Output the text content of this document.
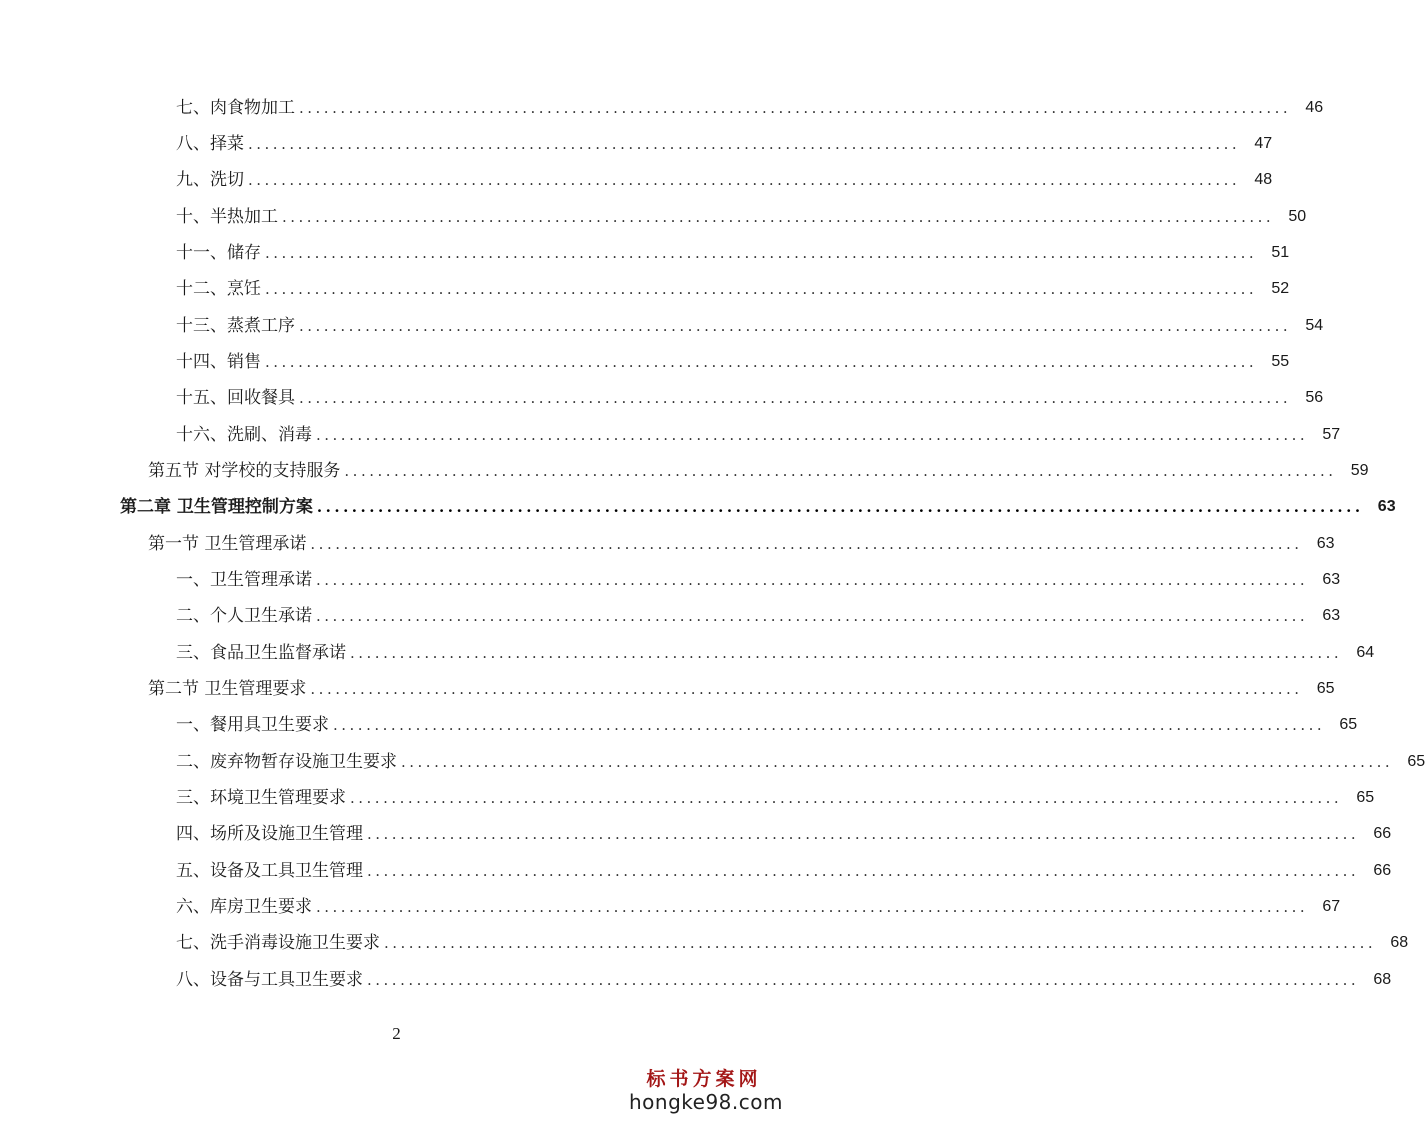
七、肉食物加工 ........................................................................................................................ 46
八、择菜 ........................................................................................................................ 47
九、洗切 ........................................................................................................................ 48
十、半热加工 ........................................................................................................................ 50
十一、储存 ........................................................................................................................ 51
十二、烹饪 ........................................................................................................................ 52
十三、蒸煮工序 ........................................................................................................................ 54
十四、销售 ........................................................................................................................ 55
十五、回收餐具 ........................................................................................................................ 56
十六、洗刷、消毒 ........................................................................................................................ 57
第五节 对学校的支持服务 ........................................................................................................................ 59
第二章 卫生管理控制方案 ........................................................................................................................ 63
第一节 卫生管理承诺 ........................................................................................................................ 63
一、卫生管理承诺 ........................................................................................................................ 63
二、个人卫生承诺 ........................................................................................................................ 63
三、食品卫生监督承诺 ........................................................................................................................ 64
第二节 卫生管理要求 ........................................................................................................................ 65
一、餐用具卫生要求 ........................................................................................................................ 65
二、废弃物暂存设施卫生要求 ........................................................................................................................ 65
三、环境卫生管理要求 ........................................................................................................................ 65
四、场所及设施卫生管理 ........................................................................................................................ 66
五、设备及工具卫生管理 ........................................................................................................................ 66
六、库房卫生要求 ........................................................................................................................ 67
七、洗手消毒设施卫生要求 ........................................................................................................................ 68
八、设备与工具卫生要求 ........................................................................................................................ 68
2
标书方案网
hongke98.com
